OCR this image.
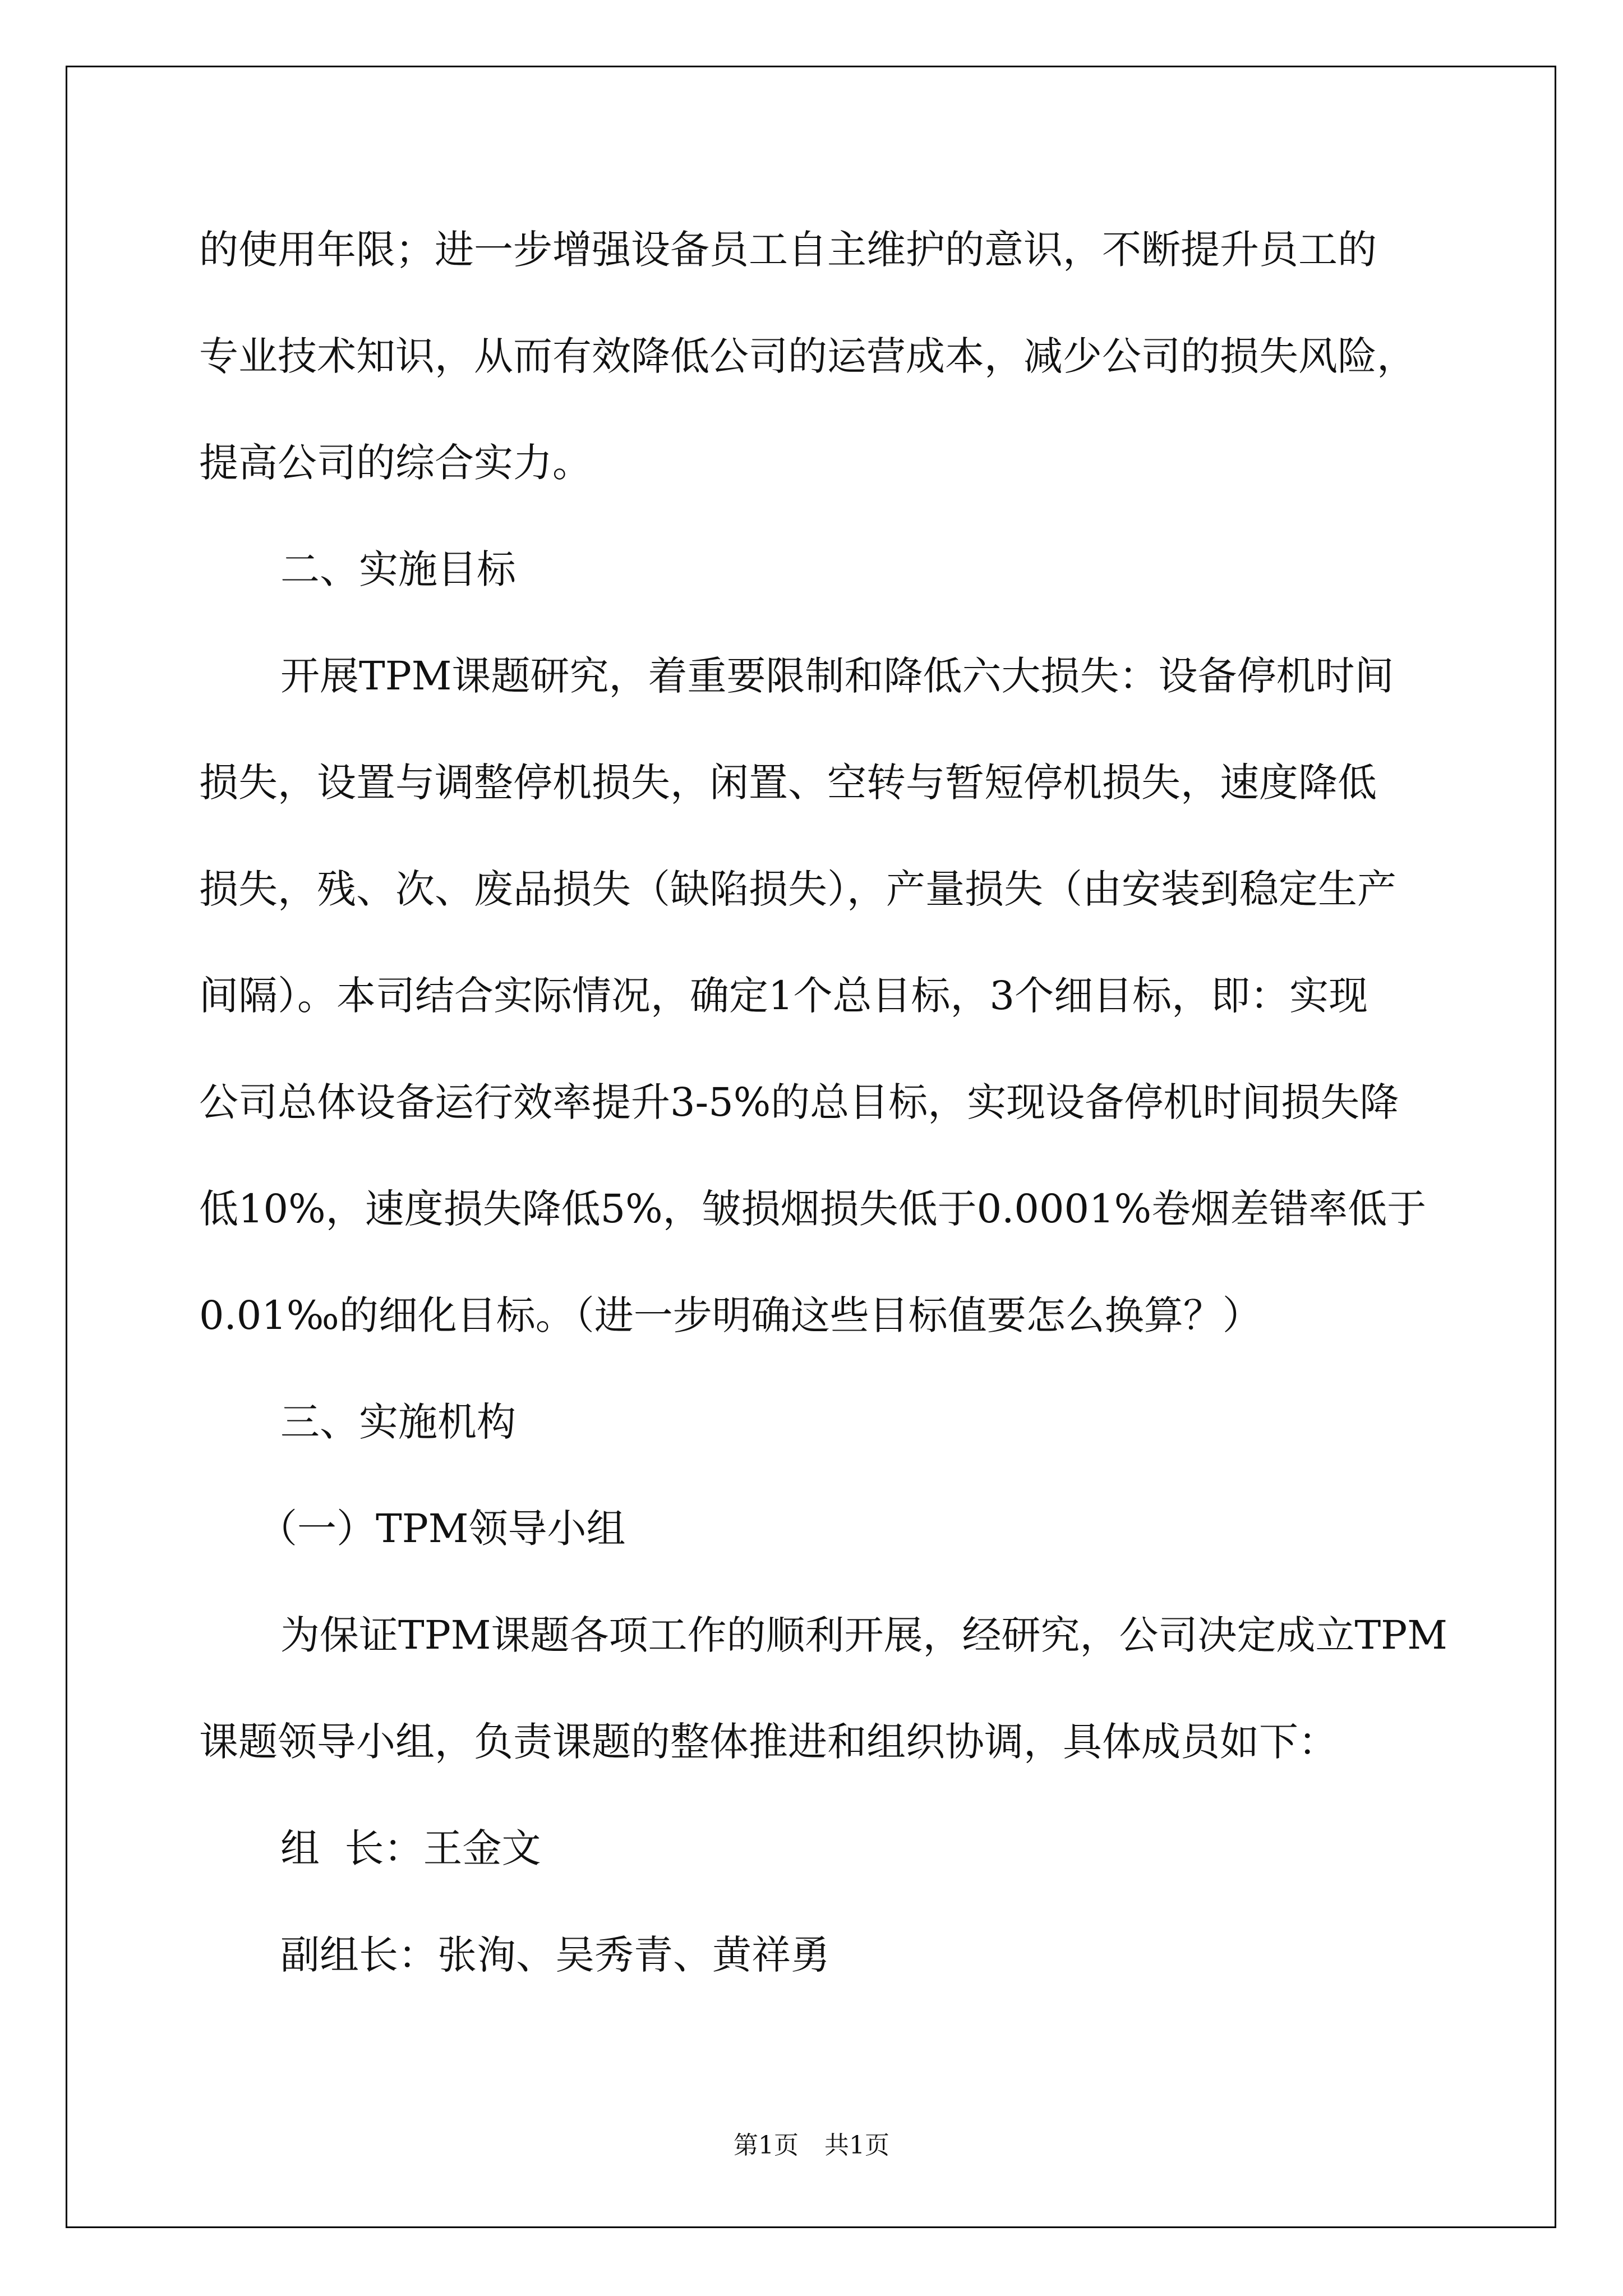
的使用年限；进一步增强设备员工自主维护的意识，不断提升员工的

专业技术知识，从而有效降低公司的运营成本，减少公司的损失风险，

提高公司的综合实力。

二、实施目标

开展TPM课题研究，着重要限制和降低六大损失：设备停机时间

损失，设置与调整停机损失，闲置、空转与暂短停机损失，速度降低

损失，残、次、废品损失（缺陷损失），产量损失（由安装到稳定生产

间隔）。本司结合实际情况，确定1个总目标，3个细目标，即：实现

公司总体设备运行效率提升3-5%的总目标，实现设备停机时间损失降

低10%，速度损失降低5%，皱损烟损失低于0.0001%卷烟差错率低于

0.01‰的细化目标。（进一步明确这些目标值要怎么换算？）

三、实施机构

（一）TPM领导小组

为保证TPM课题各项工作的顺利开展，经研究，公司决定成立TPM

课题领导小组，负责课题的整体推进和组织协调，具体成员如下：

组  长：王金文

副组长：张洵、吴秀青、黄祥勇

第1页 共1页
